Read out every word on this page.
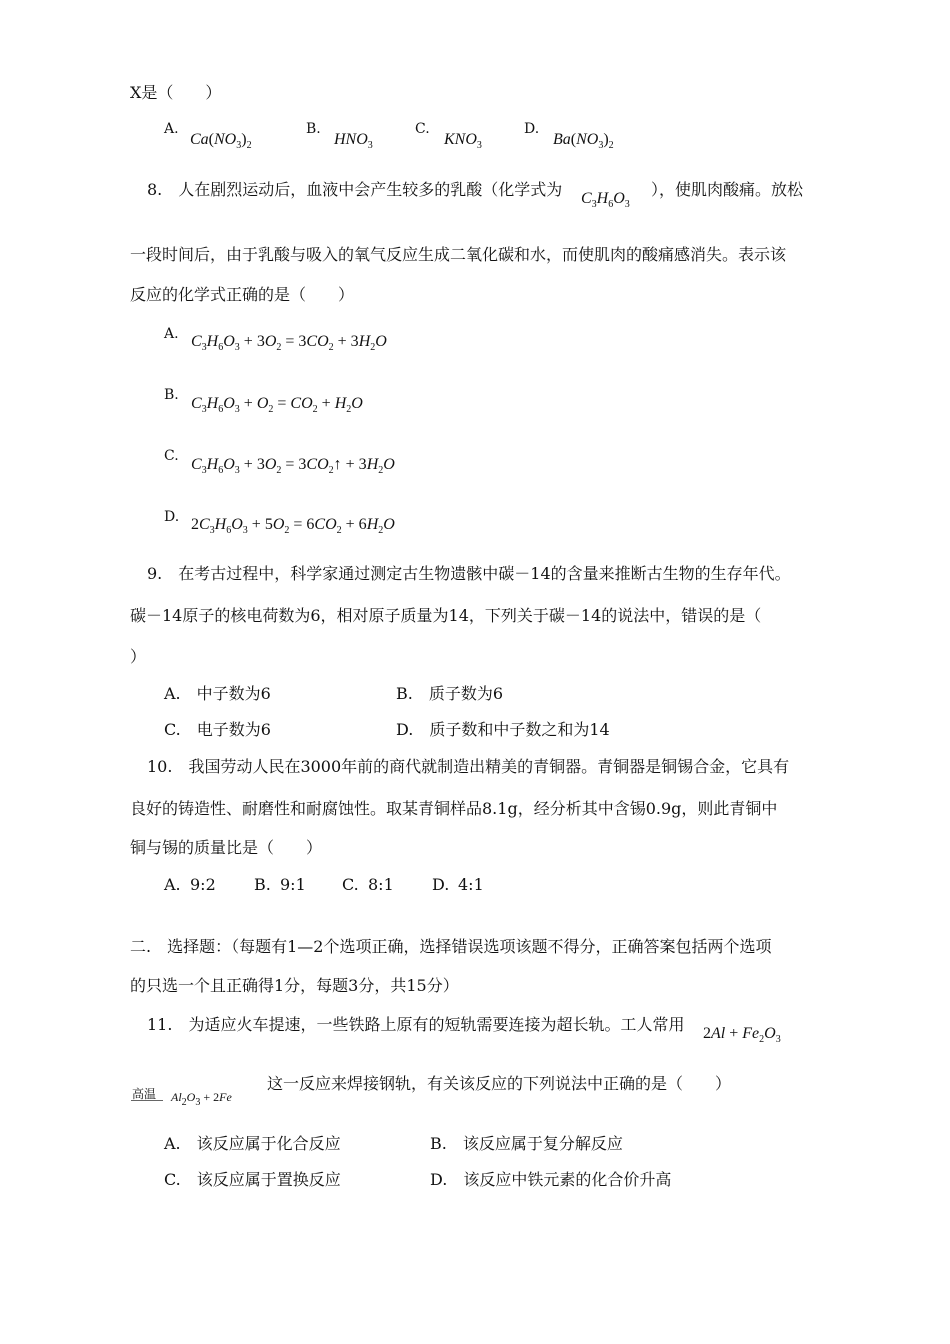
X是（　　）
A.
$Ca(NO_3)_2$
B.
$HNO_3$
C.
$KNO_3$
D.
$Ba(NO_3)_2$
8.　人在剧烈运动后，血液中会产生较多的乳酸（化学式为 $C_3H_6O_3$
），使肌肉酸痛。放松
一段时间后，由于乳酸与吸入的氧气反应生成二氧化碳和水，而使肌肉的酸痛感消失。表示该
反应的化学式正确的是（　　）
A. $C_3H_6O_3 + 3O_2 = 3CO_2 + 3H_2O$
B. $C_3H_6O_3 + O_2 = CO_2 + H_2O$
C. $C_3H_6O_3 + 3O_2$ = $3CO_2↑ + 3H_2O$
D. $2C_3H_6O_3 + 5O_2 = 6CO_2 + 6H_2O$
9.　在考古过程中，科学家通过测定古生物遗骸中碳－14的含量来推断古生物的生存年代。
碳－14原子的核电荷数为6，相对原子质量为14，下列关于碳－14的说法中，错误的是（
）
A.　中子数为6	B.　质子数为6
C.　电子数为6	D.　质子数和中子数之和为14
10.　我国劳动人民在3000年前的商代就制造出精美的青铜器。青铜器是铜锡合金，它具有
良好的铸造性、耐磨性和耐腐蚀性。取某青铜样品8.1g，经分析其中含锡0.9g，则此青铜中
铜与锡的质量比是（　　）
A. 9:2 B. 9:1 C. 8:1 D. 4:1
二.　选择题：（每题有1—2个选项正确，选择错误选项该题不得分，正确答案包括两个选项
的只选一个且正确得1分，每题3分，共15分）
11.　为适应火车提速，一些铁路上原有的短轨需要连接为超长轨。工人常用 $2Al + Fe_2O_3$
高温 $Al_2O_3 + 2Fe$
这一反应来焊接钢轨，有关该反应的下列说法中正确的是（　　）
A.　该反应属于化合反应	B.　该反应属于复分解反应
C.　该反应属于置换反应	D.　该反应中铁元素的化合价升高
